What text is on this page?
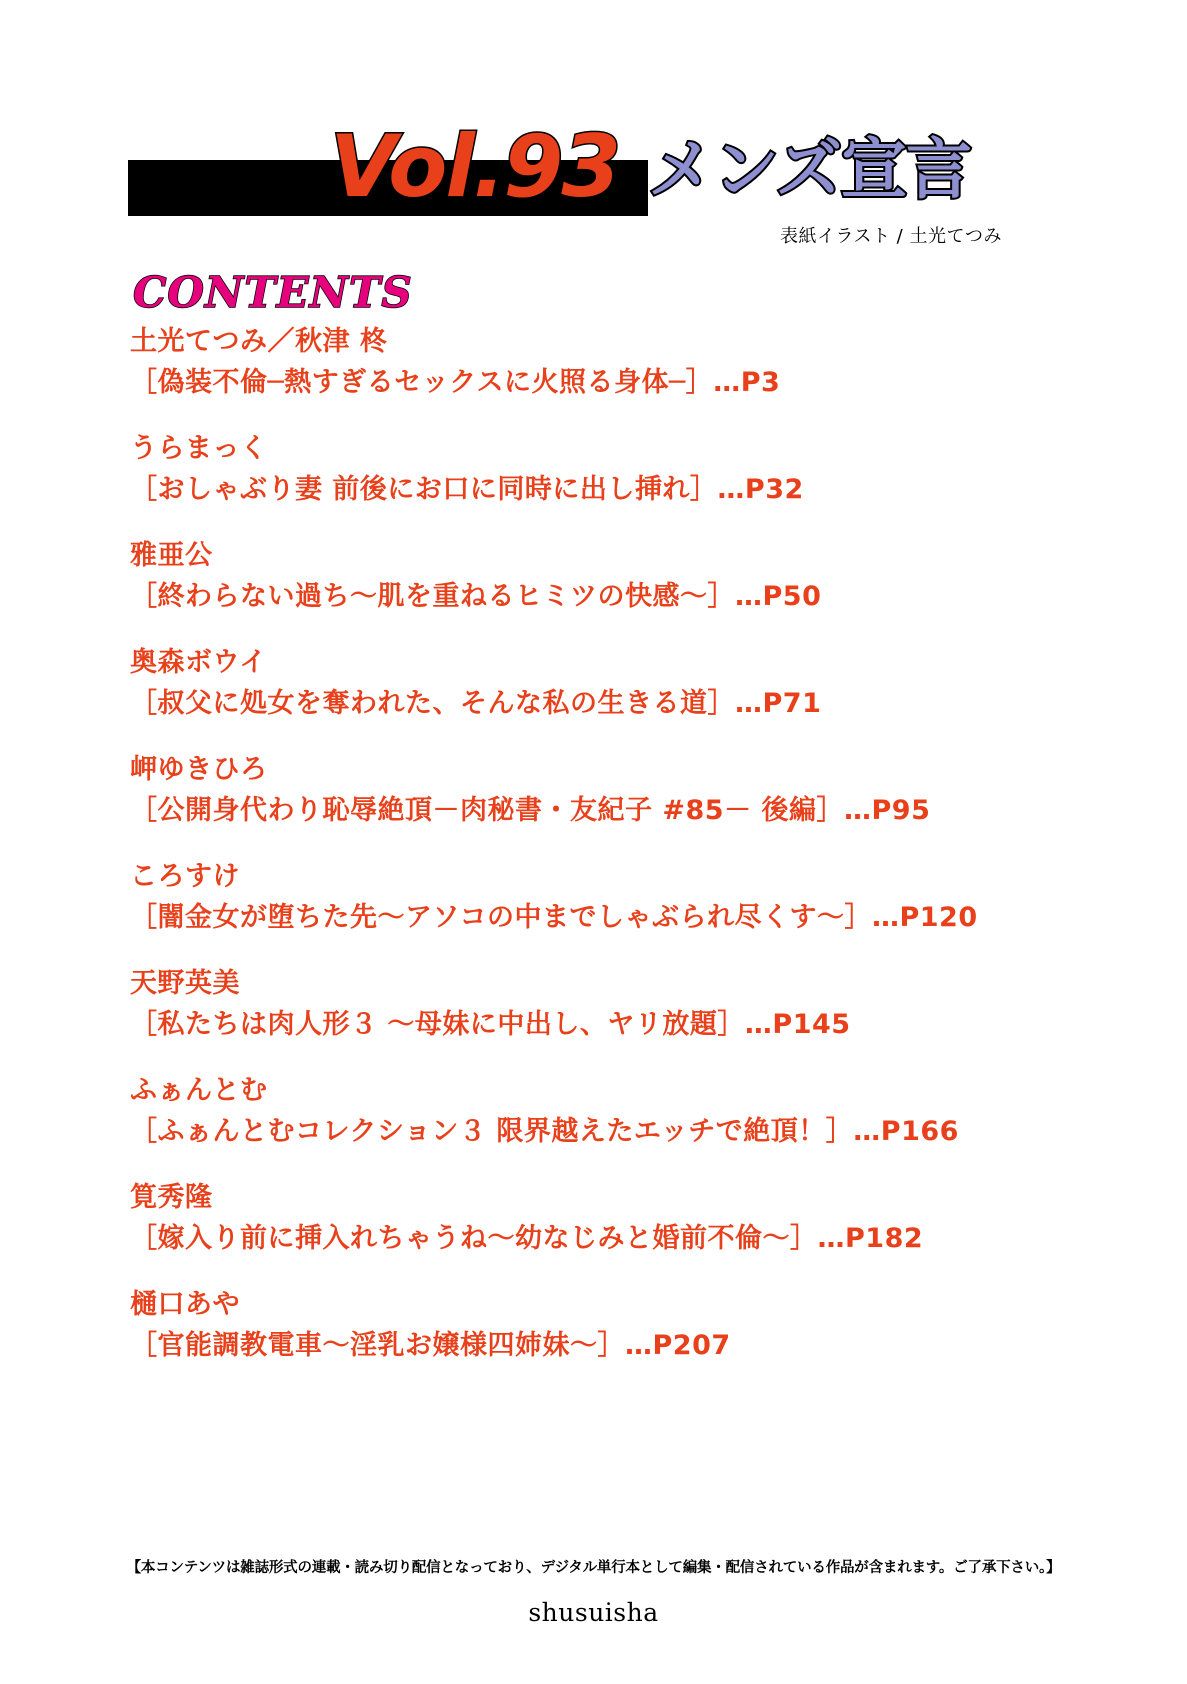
Vol.93 メンズ宣言
表紙イラスト / 土光てつみ
CONTENTS
土光てつみ／秋津 柊
［偽装不倫─熱すぎるセックスに火照る身体─］…P3
うらまっく
［おしゃぶり妻 前後にお口に同時に出し挿れ］…P32
雅亜公
［終わらない過ち〜肌を重ねるヒミツの快感〜］…P50
奥森ボウイ
［叔父に処女を奪われた、そんな私の生きる道］…P71
岬ゆきひろ
［公開身代わり恥辱絶頂－肉秘書・友紀子 #85－ 後編］…P95
ころすけ
［闇金女が堕ちた先〜アソコの中までしゃぶられ尽くす〜］…P120
天野英美
［私たちは肉人形３ 〜母妹に中出し、ヤリ放題］…P145
ふぁんとむ
［ふぁんとむコレクション３ 限界越えたエッチで絶頂！］…P166
筧秀隆
［嫁入り前に挿入れちゃうね〜幼なじみと婚前不倫〜］…P182
樋口あや
［官能調教電車〜淫乳お嬢様四姉妹〜］…P207
【本コンテンツは雑誌形式の連載・読み切り配信となっており、デジタル単行本として編集・配信されている作品が含まれます。ご了承下さい。】
shusuisha
